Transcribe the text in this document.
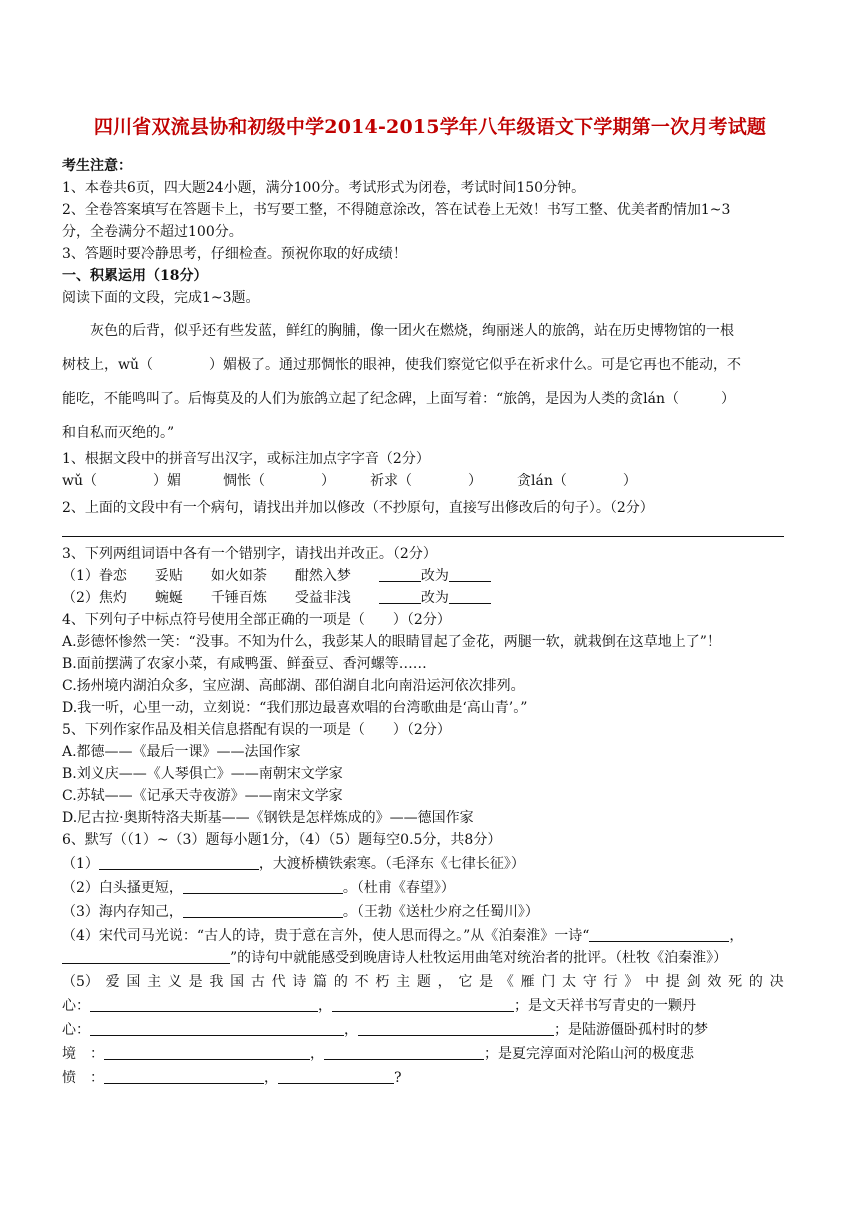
四川省双流县协和初级中学2014-2015学年八年级语文下学期第一次月考试题
考生注意：
1、本卷共6页，四大题24小题，满分100分。考试形式为闭卷，考试时间150分钟。
2、全卷答案填写在答题卡上，书写要工整，不得随意涂改，答在试卷上无效！书写工整、优美者酌情加1~3
分，全卷满分不超过100分。
3、答题时要冷静思考，仔细检查。预祝你取的好成绩！
一、积累运用（18分）
阅读下面的文段，完成1~3题。
灰色的后背，似乎还有些发蓝，鲜红的胸脯，像一团火在燃烧，绚丽迷人的旅鸽，站在历史博物馆的一根
树枝上，wǔ（　　　　）媚极了。通过那惆怅的眼神，使我们察觉它似乎在祈求什么。可是它再也不能动，不
能吃，不能鸣叫了。后悔莫及的人们为旅鸽立起了纪念碑，上面写着：“旅鸽，是因为人类的贪lán（　　　）
和自私而灭绝的。”
1、根据文段中的拼音写出汉字，或标注加点字字音（2分）
wǔ（　　　　）媚　　　惆怅（　　　　）　　　祈求（　　　　）　　　贪lán（　　　　）
2、上面的文段中有一个病句，请找出并加以修改（不抄原句，直接写出修改后的句子）。（2分）
3、下列两组词语中各有一个错别字，请找出并改正。（2分）
（1）眷恋　　妥贴　　如火如荼　　酣然入梦　　	改为
（2）焦灼　　蜿蜒　　千锤百炼　　受益非浅　　	改为
4、下列句子中标点符号使用全部正确的一项是（　　）（2分）
A.彭德怀惨然一笑：“没事。不知为什么，我彭某人的眼睛冒起了金花，两腿一软，就栽倒在这草地上了”！
B.面前摆满了农家小菜，有咸鸭蛋、鲜蚕豆、香河螺等……
C.扬州境内湖泊众多，宝应湖、高邮湖、邵伯湖自北向南沿运河依次排列。
D.我一听，心里一动，立刻说：“我们那边最喜欢唱的台湾歌曲是‘高山青’。”
5、下列作家作品及相关信息搭配有误的一项是（　　）（2分）
A.都德——《最后一课》——法国作家
B.刘义庆——《人琴俱亡》——南朝宋文学家
C.苏轼——《记承天寺夜游》——南宋文学家
D.尼古拉·奥斯特洛夫斯基——《钢铁是怎样炼成的》——德国作家
6、默写（（1）~（3）题每小题1分，（4）（5）题每空0.5分，共8分）
（1）	，大渡桥横铁索寒。（毛泽东《七律长征》）
（2）白头搔更短，	。（杜甫《春望》）
（3）海内存知己，	。（王勃《送杜少府之任蜀川》）
（4）宋代司马光说：“古人的诗，贵于意在言外，使人思而得之。”从《泊秦淮》一诗“	，
”的诗句中就能感受到晚唐诗人杜牧运用曲笔对统治者的批评。（杜牧《泊秦淮》）
（5） 爱 国 主 义 是 我 国 古 代 诗 篇 的 不 朽 主 题 ， 它 是 《 雁 门 太 守 行 》 中 提 剑 效 死 的 决
心：	，	；是文天祥书写青史的一颗丹
心：	，	；是陆游僵卧孤村时的梦
境　：	，	；是夏完淳面对沦陷山河的极度悲
愤　：	，	?
